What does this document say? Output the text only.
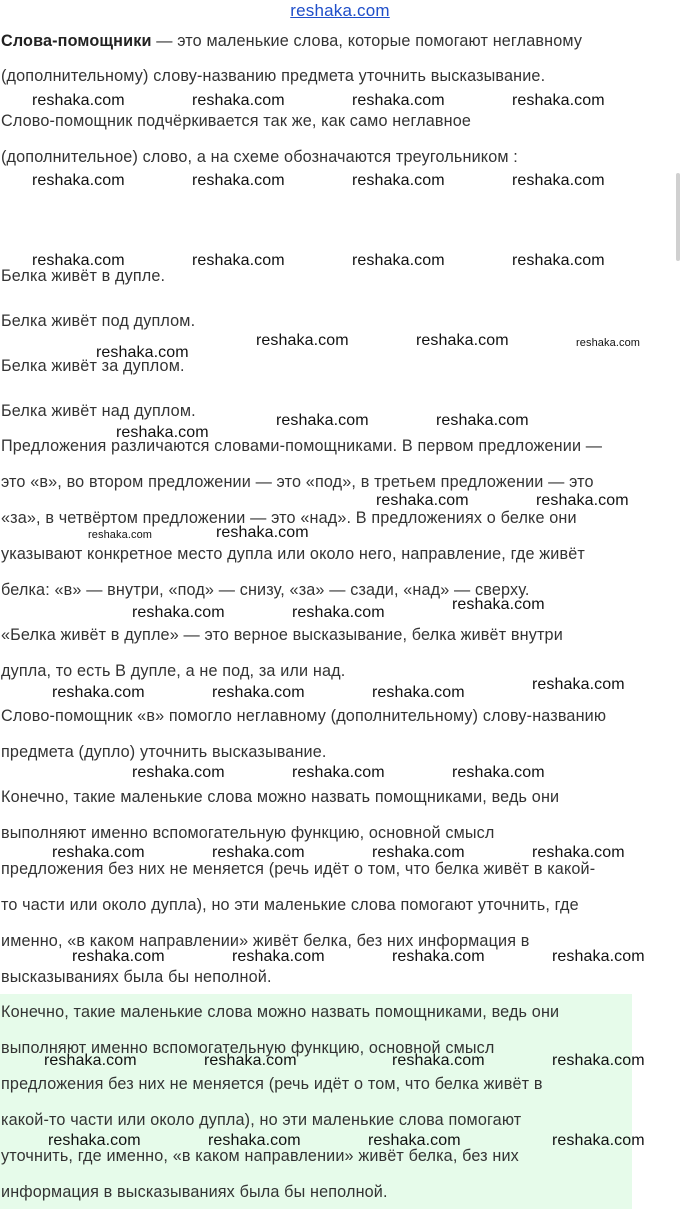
reshaka.com
Слова-помощники — это маленькие слова, которые помогают неглавному
(дополнительному) слову-названию предмета уточнить высказывание.
Слово-помощник подчёркивается так же, как само неглавное
(дополнительное) слово, а на схеме обозначаются треугольником :
Белка живёт в дупле.
Белка живёт под дуплом.
Белка живёт за дуплом.
Белка живёт над дуплом.
Предложения различаются словами-помощниками. В первом предложении —
это «в», во втором предложении — это «под», в третьем предложении — это
«за», в четвёртом предложении — это «над». В предложениях о белке они
указывают конкретное место дупла или около него, направление, где живёт
белка: «в» — внутри, «под» — снизу, «за» — сзади, «над» — сверху.
«Белка живёт в дупле» — это верное высказывание, белка живёт внутри
дупла, то есть В дупле, а не под, за или над.
Слово-помощник «в» помогло неглавному (дополнительному) слову-названию
предмета (дупло) уточнить высказывание.
Конечно, такие маленькие слова можно назвать помощниками, ведь они
выполняют именно вспомогательную функцию, основной смысл
предложения без них не меняется (речь идёт о том, что белка живёт в какой-
то части или около дупла), но эти маленькие слова помогают уточнить, где
именно, «в каком направлении» живёт белка, без них информация в
высказываниях была бы неполной.
Конечно, такие маленькие слова можно назвать помощниками, ведь они
выполняют именно вспомогательную функцию, основной смысл
предложения без них не меняется (речь идёт о том, что белка живёт в
какой-то части или около дупла), но эти маленькие слова помогают
уточнить, где именно, «в каком направлении» живёт белка, без них
информация в высказываниях была бы неполной.
reshaka.com	reshaka.com	reshaka.com	reshaka.com
reshaka.com	reshaka.com	reshaka.com	reshaka.com
reshaka.com	reshaka.com	reshaka.com	reshaka.com
reshaka.com	reshaka.com	reshaka.com
reshaka.com
reshaka.com	reshaka.com
reshaka.com
reshaka.com	reshaka.com
reshaka.com	reshaka.com
reshaka.com
reshaka.com	reshaka.com
reshaka.com
reshaka.com	reshaka.com	reshaka.com
reshaka.com	reshaka.com	reshaka.com
reshaka.com	reshaka.com	reshaka.com	reshaka.com
reshaka.com	reshaka.com	reshaka.com	reshaka.com
reshaka.com	reshaka.com	reshaka.com	reshaka.com
reshaka.com	reshaka.com	reshaka.com	reshaka.com
